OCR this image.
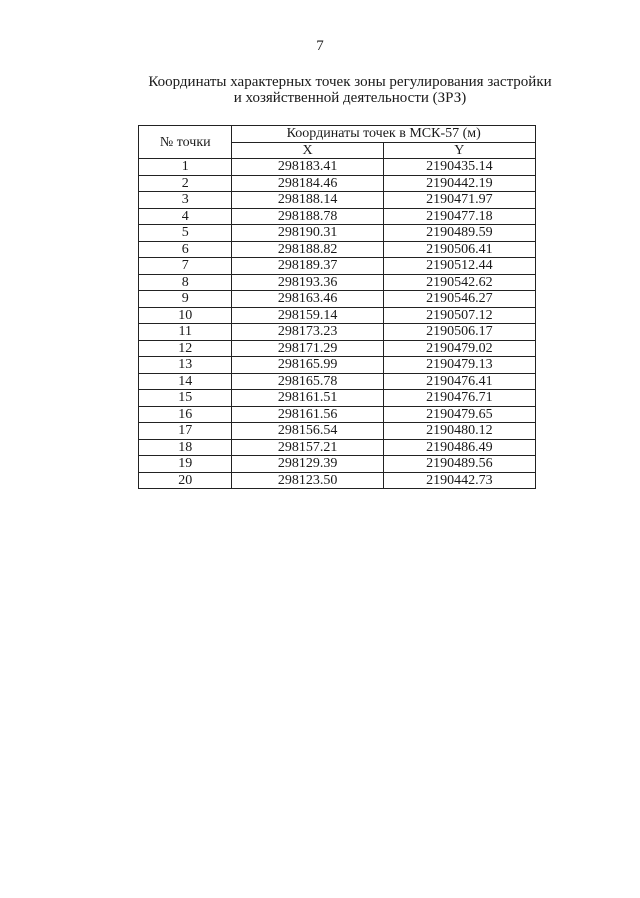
7
Координаты характерных точек зоны регулирования застройки
и хозяйственной деятельности (ЗРЗ)
№ точки	Координаты точек в МСК-57 (м)	
	X	Y
1	298183.41	2190435.14
2	298184.46	2190442.19
3	298188.14	2190471.97
4	298188.78	2190477.18
5	298190.31	2190489.59
6	298188.82	2190506.41
7	298189.37	2190512.44
8	298193.36	2190542.62
9	298163.46	2190546.27
10	298159.14	2190507.12
11	298173.23	2190506.17
12	298171.29	2190479.02
13	298165.99	2190479.13
14	298165.78	2190476.41
15	298161.51	2190476.71
16	298161.56	2190479.65
17	298156.54	2190480.12
18	298157.21	2190486.49
19	298129.39	2190489.56
20	298123.50	2190442.73
